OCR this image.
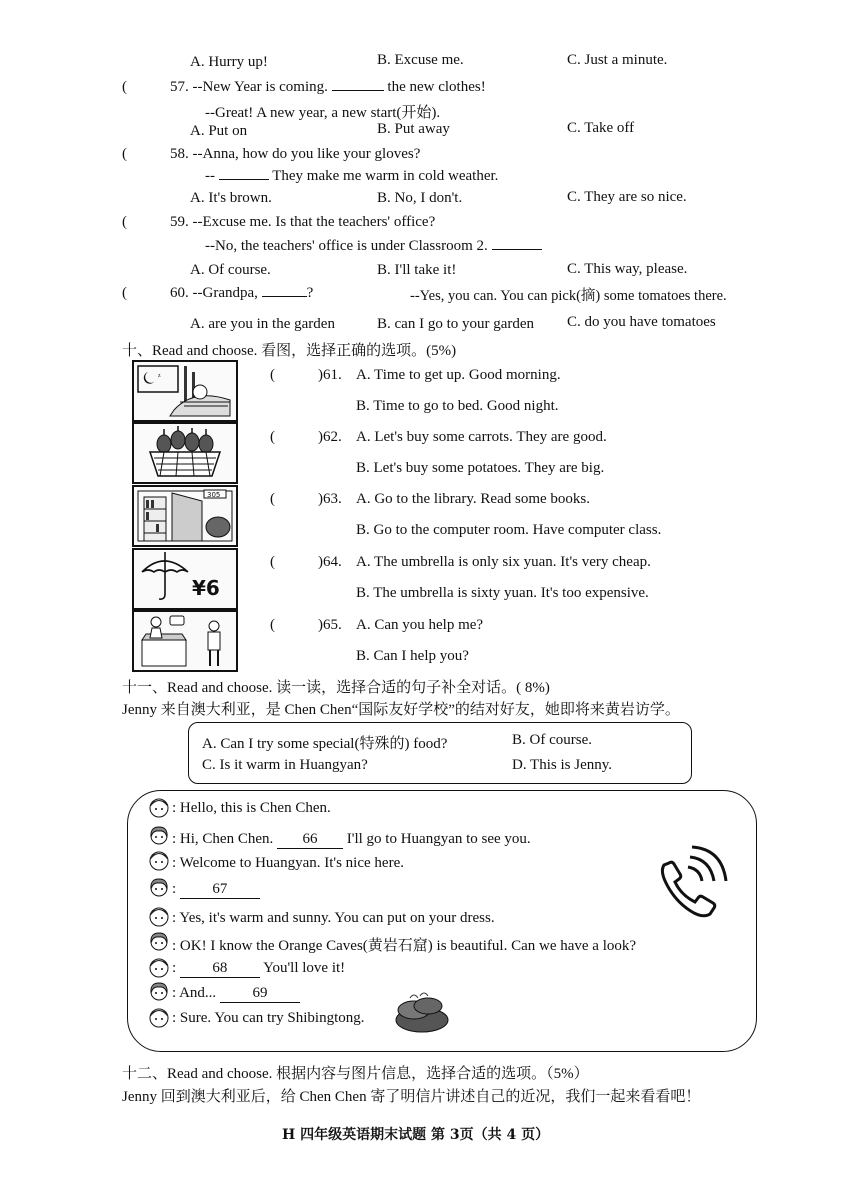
A. Hurry up!	B. Excuse me.	C. Just a minute.
(	57. --New Year is coming.	the new clothes!
--Great! A new year, a new start(开始).
A. Put on	B. Put away	C. Take off
(	58. --Anna, how do you like your gloves?
--	They make me warm in cold weather.
A. It's brown.	B. No, I don't.	C. They are so nice.
(	59. --Excuse me. Is that the teachers' office?
--No, the teachers' office is under Classroom 2.
A. Of course.	B. I'll take it!	C. This way, please.
(	60. --Grandpa,	?	--Yes, you can. You can pick(摘) some tomatoes there.
A. are you in the garden	B. can I go to your garden C. do you have tomatoes
十、Read and choose. 看图，选择正确的选项。(5%)
z	(	)61. A. Time to get up. Good morning.
B. Time to go to bed. Good night.
(	)62. A. Let's buy some carrots. They are good.
B. Let's buy some potatoes. They are big.
305	(	)63. A. Go to the library. Read some books.
B. Go to the computer room. Have computer class.
¥6
(	)64. A. The umbrella is only six yuan. It's very cheap.
B. The umbrella is sixty yuan. It's too expensive.
(	)65. A. Can you help me?
B. Can I help you?
十一、Read and choose. 读一读，选择合适的句子补全对话。( 8%)
Jenny 来自澳大利亚，是 Chen Chen“国际友好学校”的结对好友，她即将来黄岩访学。
A. Can I try some special(特殊的) food?	B. Of course.
C. Is it warm in Huangyan?	D. This is Jenny.
: Hello, this is Chen Chen.
: Hi, Chen Chen. 66 I'll go to Huangyan to see you.
: Welcome to Huangyan. It's nice here.
: 67
: Yes, it's warm and sunny. You can put on your dress.
: OK! I know the Orange Caves(黄岩石窟) is beautiful. Can we have a look?
: 68 You'll love it!
: And... 69
: Sure. You can try Shibingtong.
十二、Read and choose. 根据内容与图片信息，选择合适的选项。（5%）
Jenny 回到澳大利亚后，给 Chen Chen 寄了明信片讲述自己的近况，我们一起来看看吧！
H 四年级英语期末试题 第 3页（共 4 页）
